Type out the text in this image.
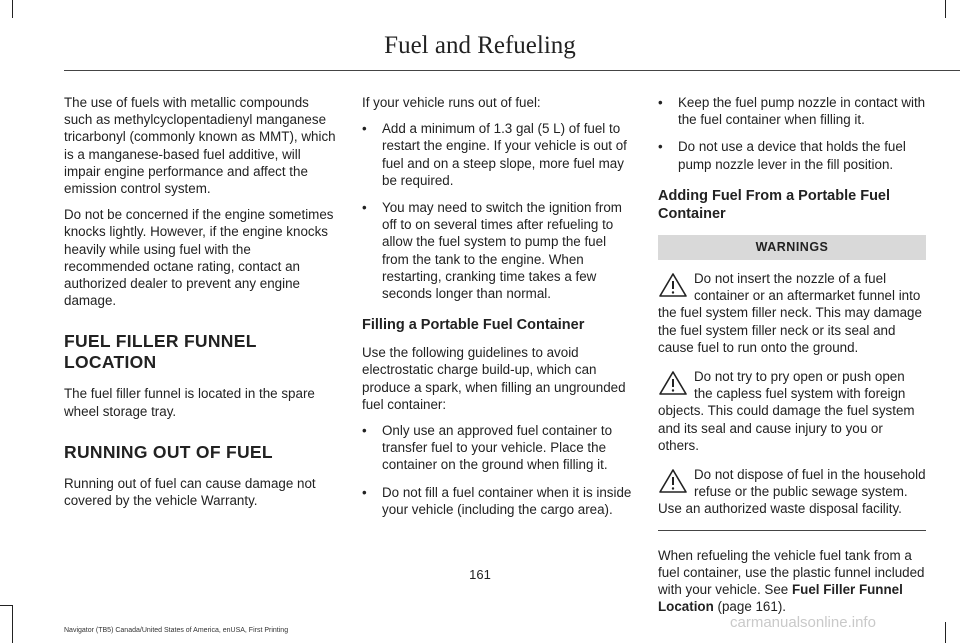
Fuel and Refueling

The use of fuels with metallic compounds such as methylcyclopentadienyl manganese tricarbonyl (commonly known as MMT), which is a manganese-based fuel additive, will impair engine performance and affect the emission control system.

Do not be concerned if the engine sometimes knocks lightly. However, if the engine knocks heavily while using fuel with the recommended octane rating, contact an authorized dealer to prevent any engine damage.

FUEL FILLER FUNNEL LOCATION

The fuel filler funnel is located in the spare wheel storage tray.

RUNNING OUT OF FUEL

Running out of fuel can cause damage not covered by the vehicle Warranty.

If your vehicle runs out of fuel:

• Add a minimum of 1.3 gal (5 L) of fuel to restart the engine. If your vehicle is out of fuel and on a steep slope, more fuel may be required.
• You may need to switch the ignition from off to on several times after refueling to allow the fuel system to pump the fuel from the tank to the engine. When restarting, cranking time takes a few seconds longer than normal.
Filling a Portable Fuel Container

Use the following guidelines to avoid electrostatic charge build-up, which can produce a spark, when filling an ungrounded fuel container:

• Only use an approved fuel container to transfer fuel to your vehicle. Place the container on the ground when filling it.
• Do not fill a fuel container when it is inside your vehicle (including the cargo area).
• Keep the fuel pump nozzle in contact with the fuel container when filling it.
• Do not use a device that holds the fuel pump nozzle lever in the fill position.
Adding Fuel From a Portable Fuel Container
WARNINGS
Do not insert the nozzle of a fuel container or an aftermarket funnel into the fuel system filler neck. This may damage the fuel system filler neck or its seal and cause fuel to run onto the ground.
Do not try to pry open or push open the capless fuel system with foreign objects. This could damage the fuel system and its seal and cause injury to you or others.
Do not dispose of fuel in the household refuse or the public sewage system. Use an authorized waste disposal facility.

When refueling the vehicle fuel tank from a fuel container, use the plastic funnel included with your vehicle. See Fuel Filler Funnel Location (page 161).

161
Navigator (TB5) Canada/United States of America, enUSA, First Printing	carmanualsonline.info
